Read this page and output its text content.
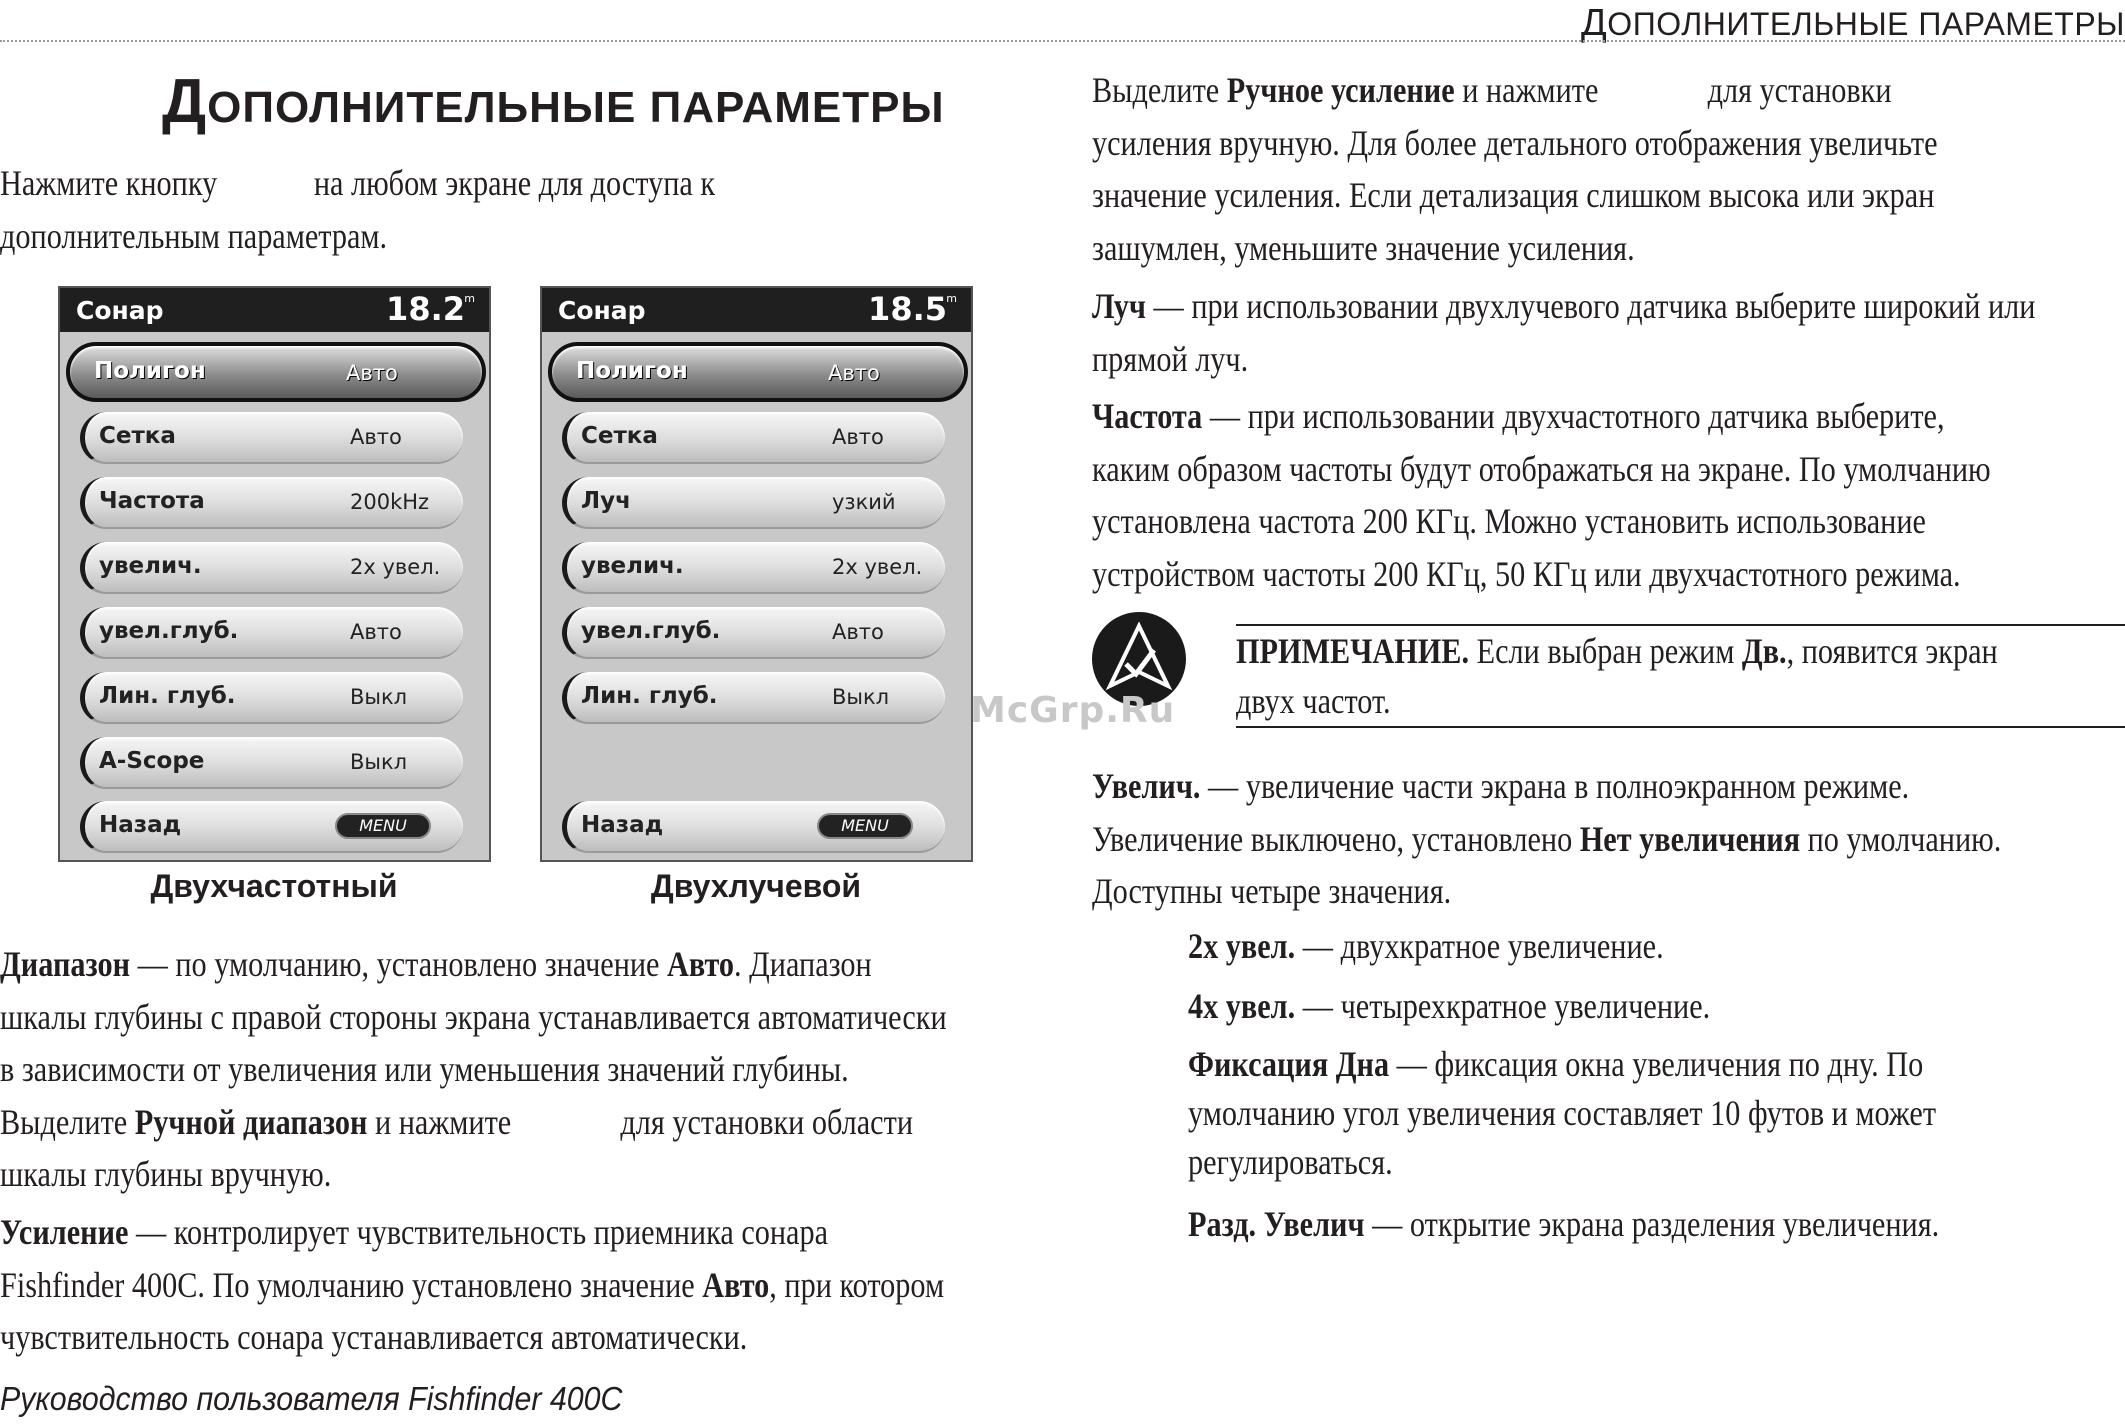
ДОПОЛНИТЕЛЬНЫЕ ПАРАМЕТРЫ
ДОПОЛНИТЕЛЬНЫЕ ПАРАМЕТРЫ
Нажмите кнопку	на любом экране для доступа к
дополнительным параметрам.
Сонар	18.2 m
Полигон	Авто
Сетка	Авто
Частота	200kHz
увелич.	2x увел.
увел.глуб.	Авто
Лин. глуб.	Выкл
A-Scope	Выкл
Назад	MENU
Двухчастотный
Сонар	18.5 m
Полигон	Авто
Сетка	Авто
Луч	узкий
увелич.	2x увел.
увел.глуб.	Авто
Лин. глуб.	Выкл
Назад	MENU
Двухлучевой
Диапазон — по умолчанию, установлено значение Авто. Диапазон
шкалы глубины с правой стороны экрана устанавливается автоматически
в зависимости от увеличения или уменьшения значений глубины.
Выделите Ручной диапазон и нажмите	для установки области
шкалы глубины вручную.
Усиление — контролирует чувствительность приемника сонара
Fishfinder 400C. По умолчанию установлено значение Авто, при котором
чувствительность сонара устанавливается автоматически.
Выделите Ручное усиление и нажмите	для установки
усиления вручную. Для более детального отображения увеличьте
значение усиления. Если детализация слишком высока или экран
зашумлен, уменьшите значение усиления.
Луч — при использовании двухлучевого датчика выберите широкий или
прямой луч.
Частота — при использовании двухчастотного датчика выберите,
каким образом частоты будут отображаться на экране. По умолчанию
установлена частота 200 КГц. Можно установить использование
устройством частоты 200 КГц, 50 КГц или двухчастотного режима.
ПРИМЕЧАНИЕ. Если выбран режим Дв., появится экран
двух частот.
Увелич. — увеличение части экрана в полноэкранном режиме.
Увеличение выключено, установлено Нет увеличения по умолчанию.
Доступны четыре значения.
2x увел. — двухкратное увеличение.
4x увел. — четырехкратное увеличение.
Фиксация Дна — фиксация окна увеличения по дну. По
умолчанию угол увеличения составляет 10 футов и может
регулироваться.
Разд. Увелич — открытие экрана разделения увеличения.
McGrp.Ru
Руководство пользователя Fishfinder 400C
